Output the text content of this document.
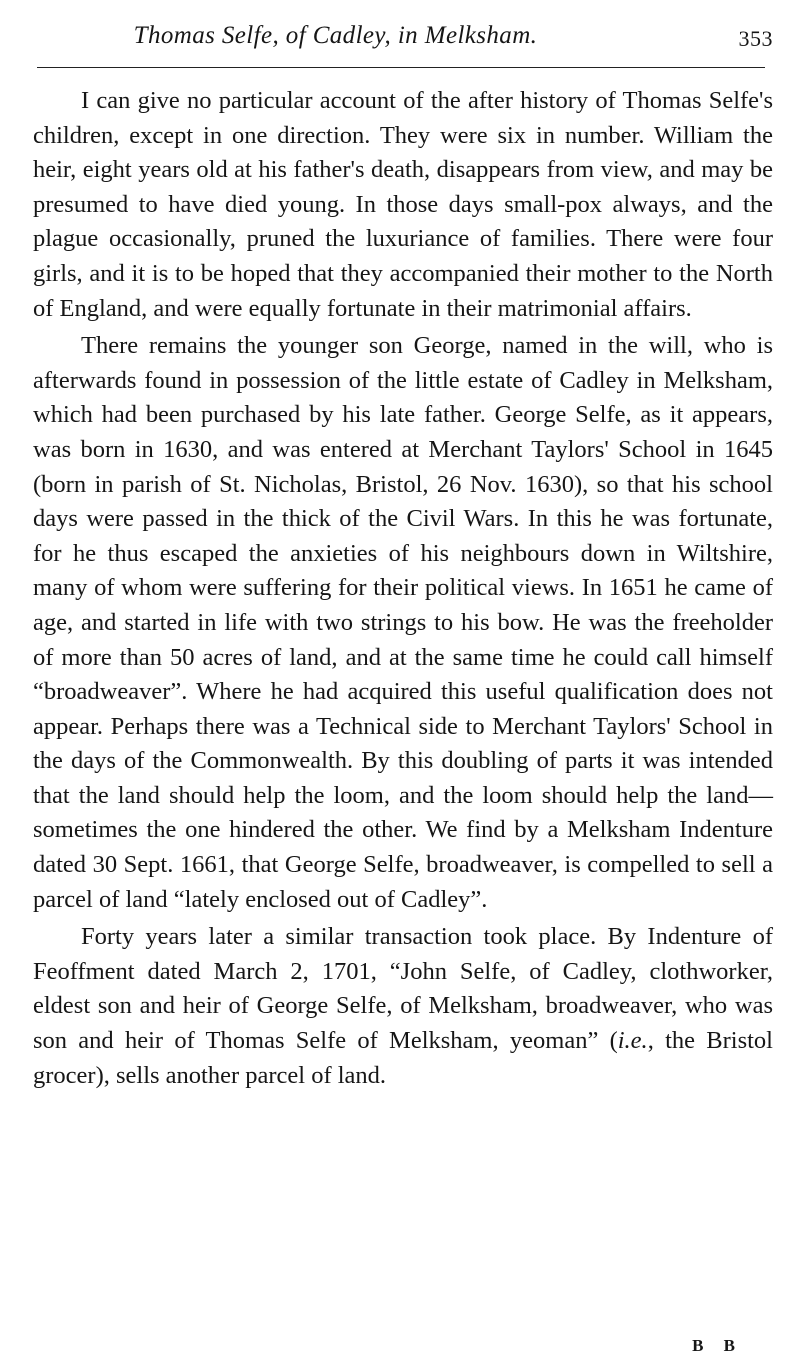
Thomas Selfe, of Cadley, in Melksham.	353

I can give no particular account of the after history of Thomas Selfe's children, except in one direction. They were six in number. William the heir, eight years old at his father's death, disappears from view, and may be presumed to have died young. In those days small-pox always, and the plague occasionally, pruned the luxuriance of families. There were four girls, and it is to be hoped that they accompanied their mother to the North of England, and were equally fortunate in their matrimonial affairs.

There remains the younger son George, named in the will, who is afterwards found in possession of the little estate of Cadley in Melksham, which had been purchased by his late father. George Selfe, as it appears, was born in 1630, and was entered at Merchant Taylors' School in 1645 (born in parish of St. Nicholas, Bristol, 26 Nov. 1630), so that his school days were passed in the thick of the Civil Wars. In this he was fortunate, for he thus escaped the anxieties of his neighbours down in Wiltshire, many of whom were suffering for their political views. In 1651 he came of age, and started in life with two strings to his bow. He was the freeholder of more than 50 acres of land, and at the same time he could call himself “broadweaver”. Where he had acquired this useful qualification does not appear. Perhaps there was a Technical side to Merchant Taylors' School in the days of the Commonwealth. By this doubling of parts it was intended that the land should help the loom, and the loom should help the land—sometimes the one hindered the other. We find by a Melksham Indenture dated 30 Sept. 1661, that George Selfe, broadweaver, is compelled to sell a parcel of land “lately enclosed out of Cadley”.

Forty years later a similar transaction took place. By Indenture of Feoffment dated March 2, 1701, “John Selfe, of Cadley, clothworker, eldest son and heir of George Selfe, of Melksham, broadweaver, who was son and heir of Thomas Selfe of Melksham, yeoman” (i.e., the Bristol grocer), sells another parcel of land.

B B
